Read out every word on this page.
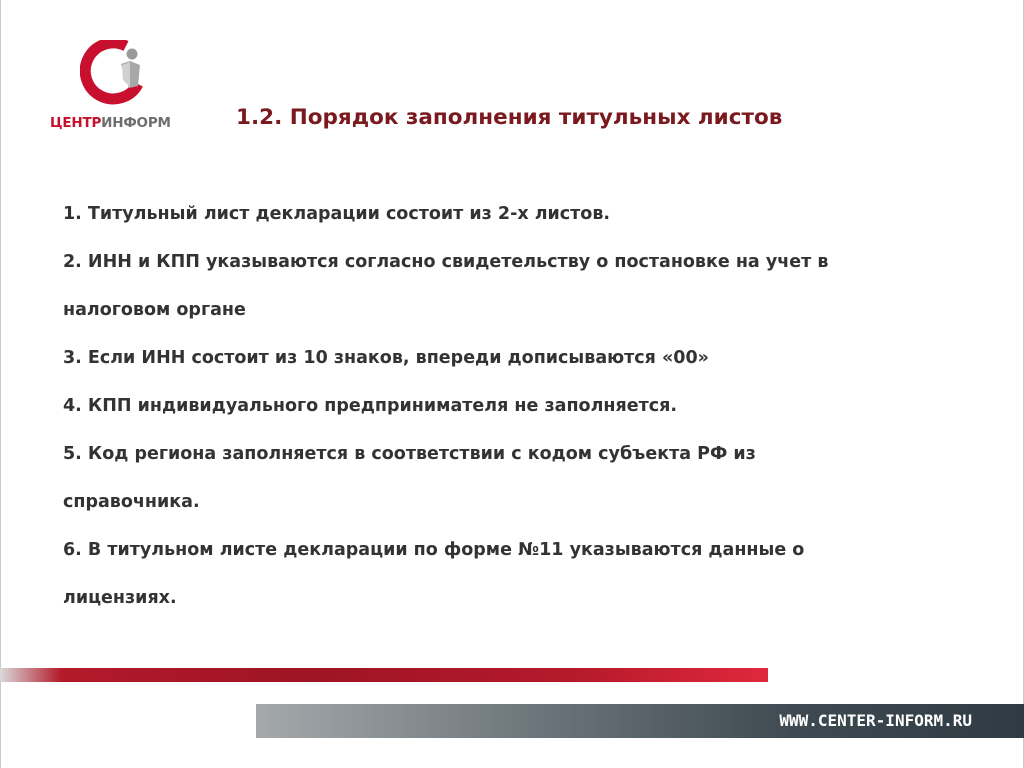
ЦЕНТРИНФОРМ	1.2. Порядок заполнения титульных листов
1. Титульный лист декларации состоит из 2-х листов.
2. ИНН и КПП указываются согласно свидетельству о постановке на учет в
налоговом органе
3. Если ИНН состоит из 10 знаков, впереди дописываются «00»
4. КПП индивидуального предпринимателя не заполняется.
5. Код региона заполняется в соответствии с кодом субъекта РФ из
справочника.
6. В титульном листе декларации по форме №11 указываются данные о
лицензиях.
WWW.CENTER-INFORM.RU
